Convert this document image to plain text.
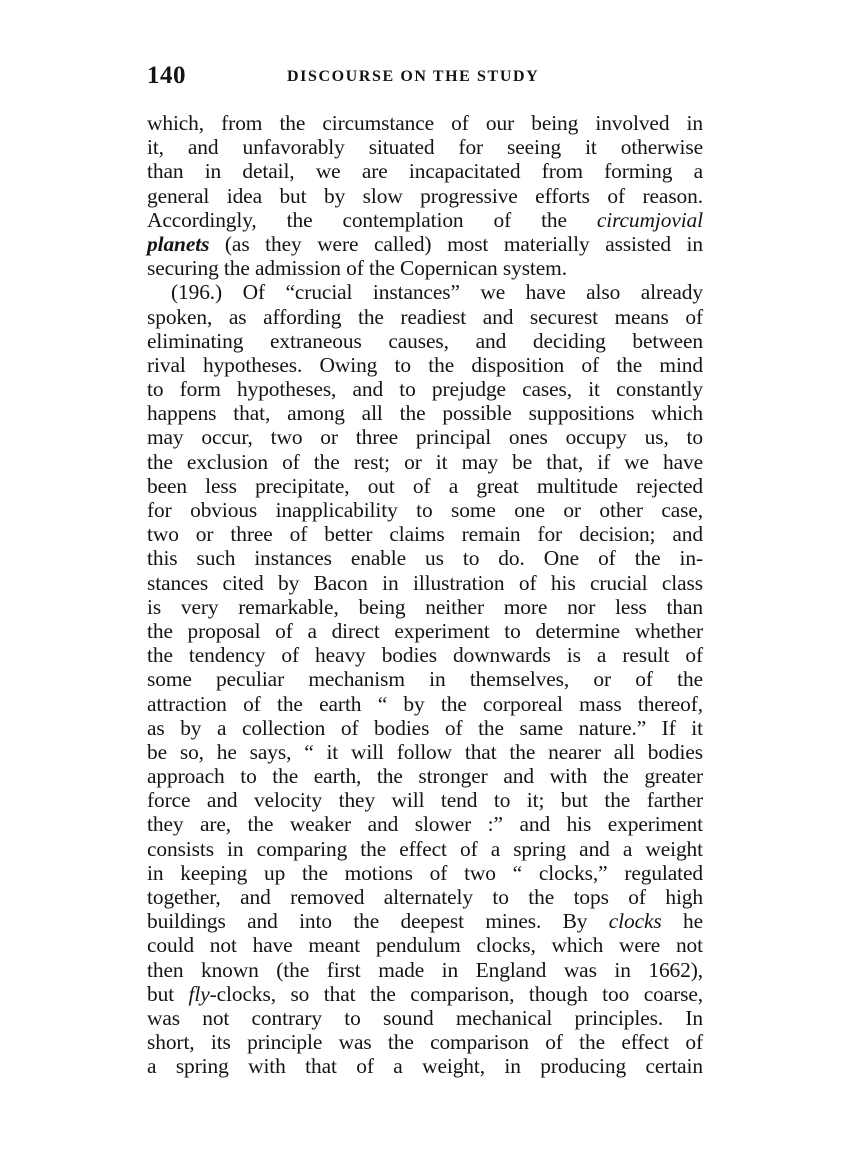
140	DISCOURSE ON THE STUDY
which, from the circumstance of our being involved in
it, and unfavorably situated for seeing it otherwise
than in detail, we are incapacitated from forming a
general idea but by slow progressive efforts of reason.
Accordingly, the contemplation of the circumjovial
planets (as they were called) most materially assisted in
securing the admission of the Copernican system.
(196.) Of “crucial instances” we have also already
spoken, as affording the readiest and securest means of
eliminating extraneous causes, and deciding between
rival hypotheses. Owing to the disposition of the mind
to form hypotheses, and to prejudge cases, it constantly
happens that, among all the possible suppositions which
may occur, two or three principal ones occupy us, to
the exclusion of the rest; or it may be that, if we have
been less precipitate, out of a great multitude rejected
for obvious inapplicability to some one or other case,
two or three of better claims remain for decision; and
this such instances enable us to do. One of the in-
stances cited by Bacon in illustration of his crucial class
is very remarkable, being neither more nor less than
the proposal of a direct experiment to determine whether
the tendency of heavy bodies downwards is a result of
some peculiar mechanism in themselves, or of the
attraction of the earth “ by the corporeal mass thereof,
as by a collection of bodies of the same nature.” If it
be so, he says, “ it will follow that the nearer all bodies
approach to the earth, the stronger and with the greater
force and velocity they will tend to it; but the farther
they are, the weaker and slower :” and his experiment
consists in comparing the effect of a spring and a weight
in keeping up the motions of two “ clocks,” regulated
together, and removed alternately to the tops of high
buildings and into the deepest mines. By clocks he
could not have meant pendulum clocks, which were not
then known (the first made in England was in 1662),
but fly-clocks, so that the comparison, though too coarse,
was not contrary to sound mechanical principles. In
short, its principle was the comparison of the effect of
a spring with that of a weight, in producing certain
